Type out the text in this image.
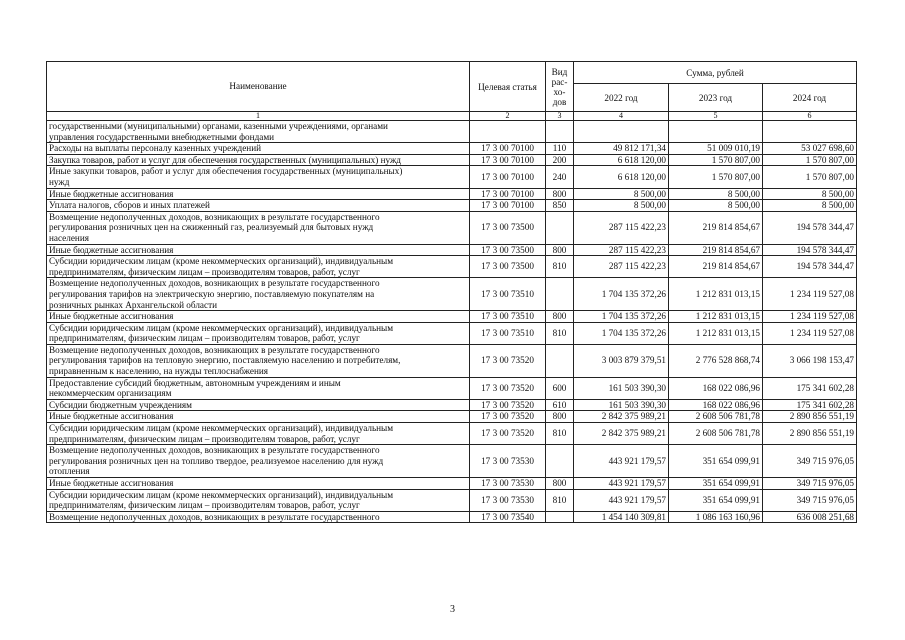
Наименование	Целевая статья	Вид
рас-
хо-
дов	Сумма, рублей		
			2022 год	2023 год	2024 год
1	2	3	4	5	6
государственными (муниципальными) органами, казенными учреждениями, органами
управления государственными внебюджетными фондами					
Расходы на выплаты персоналу казенных учреждений	17 3 00 70100	110	49 812 171,34	51 009 010,19	53 027 698,60
Закупка товаров, работ и услуг для обеспечения государственных (муниципальных) нужд	17 3 00 70100	200	6 618 120,00	1 570 807,00	1 570 807,00
Иные закупки товаров, работ и услуг для обеспечения государственных (муниципальных)
нужд	17 3 00 70100	240	6 618 120,00	1 570 807,00	1 570 807,00
Иные бюджетные ассигнования	17 3 00 70100	800	8 500,00	8 500,00	8 500,00
Уплата налогов, сборов и иных платежей	17 3 00 70100	850	8 500,00	8 500,00	8 500,00
Возмещение недополученных доходов, возникающих в результате государственного
регулирования розничных цен на сжиженный газ, реализуемый для бытовых нужд
населения	17 3 00 73500		287 115 422,23	219 814 854,67	194 578 344,47
Иные бюджетные ассигнования	17 3 00 73500	800	287 115 422,23	219 814 854,67	194 578 344,47
Субсидии юридическим лицам (кроме некоммерческих организаций), индивидуальным
предпринимателям, физическим лицам – производителям товаров, работ, услуг	17 3 00 73500	810	287 115 422,23	219 814 854,67	194 578 344,47
Возмещение недополученных доходов, возникающих в результате государственного
регулирования тарифов на электрическую энергию, поставляемую покупателям на
розничных рынках Архангельской области	17 3 00 73510		1 704 135 372,26	1 212 831 013,15	1 234 119 527,08
Иные бюджетные ассигнования	17 3 00 73510	800	1 704 135 372,26	1 212 831 013,15	1 234 119 527,08
Субсидии юридическим лицам (кроме некоммерческих организаций), индивидуальным
предпринимателям, физическим лицам – производителям товаров, работ, услуг	17 3 00 73510	810	1 704 135 372,26	1 212 831 013,15	1 234 119 527,08
Возмещение недополученных доходов, возникающих в результате государственного
регулирования тарифов на тепловую энергию, поставляемую населению и потребителям,
приравненным к населению, на нужды теплоснабжения	17 3 00 73520		3 003 879 379,51	2 776 528 868,74	3 066 198 153,47
Предоставление субсидий бюджетным, автономным учреждениям и иным
некоммерческим организациям	17 3 00 73520	600	161 503 390,30	168 022 086,96	175 341 602,28
Субсидии бюджетным учреждениям	17 3 00 73520	610	161 503 390,30	168 022 086,96	175 341 602,28
Иные бюджетные ассигнования	17 3 00 73520	800	2 842 375 989,21	2 608 506 781,78	2 890 856 551,19
Субсидии юридическим лицам (кроме некоммерческих организаций), индивидуальным
предпринимателям, физическим лицам – производителям товаров, работ, услуг	17 3 00 73520	810	2 842 375 989,21	2 608 506 781,78	2 890 856 551,19
Возмещение недополученных доходов, возникающих в результате государственного
регулирования розничных цен на топливо твердое, реализуемое населению для нужд
отопления	17 3 00 73530		443 921 179,57	351 654 099,91	349 715 976,05
Иные бюджетные ассигнования	17 3 00 73530	800	443 921 179,57	351 654 099,91	349 715 976,05
Субсидии юридическим лицам (кроме некоммерческих организаций), индивидуальным
предпринимателям, физическим лицам – производителям товаров, работ, услуг	17 3 00 73530	810	443 921 179,57	351 654 099,91	349 715 976,05
Возмещение недополученных доходов, возникающих в результате государственного	17 3 00 73540		1 454 140 309,81	1 086 163 160,96	636 008 251,68
3
